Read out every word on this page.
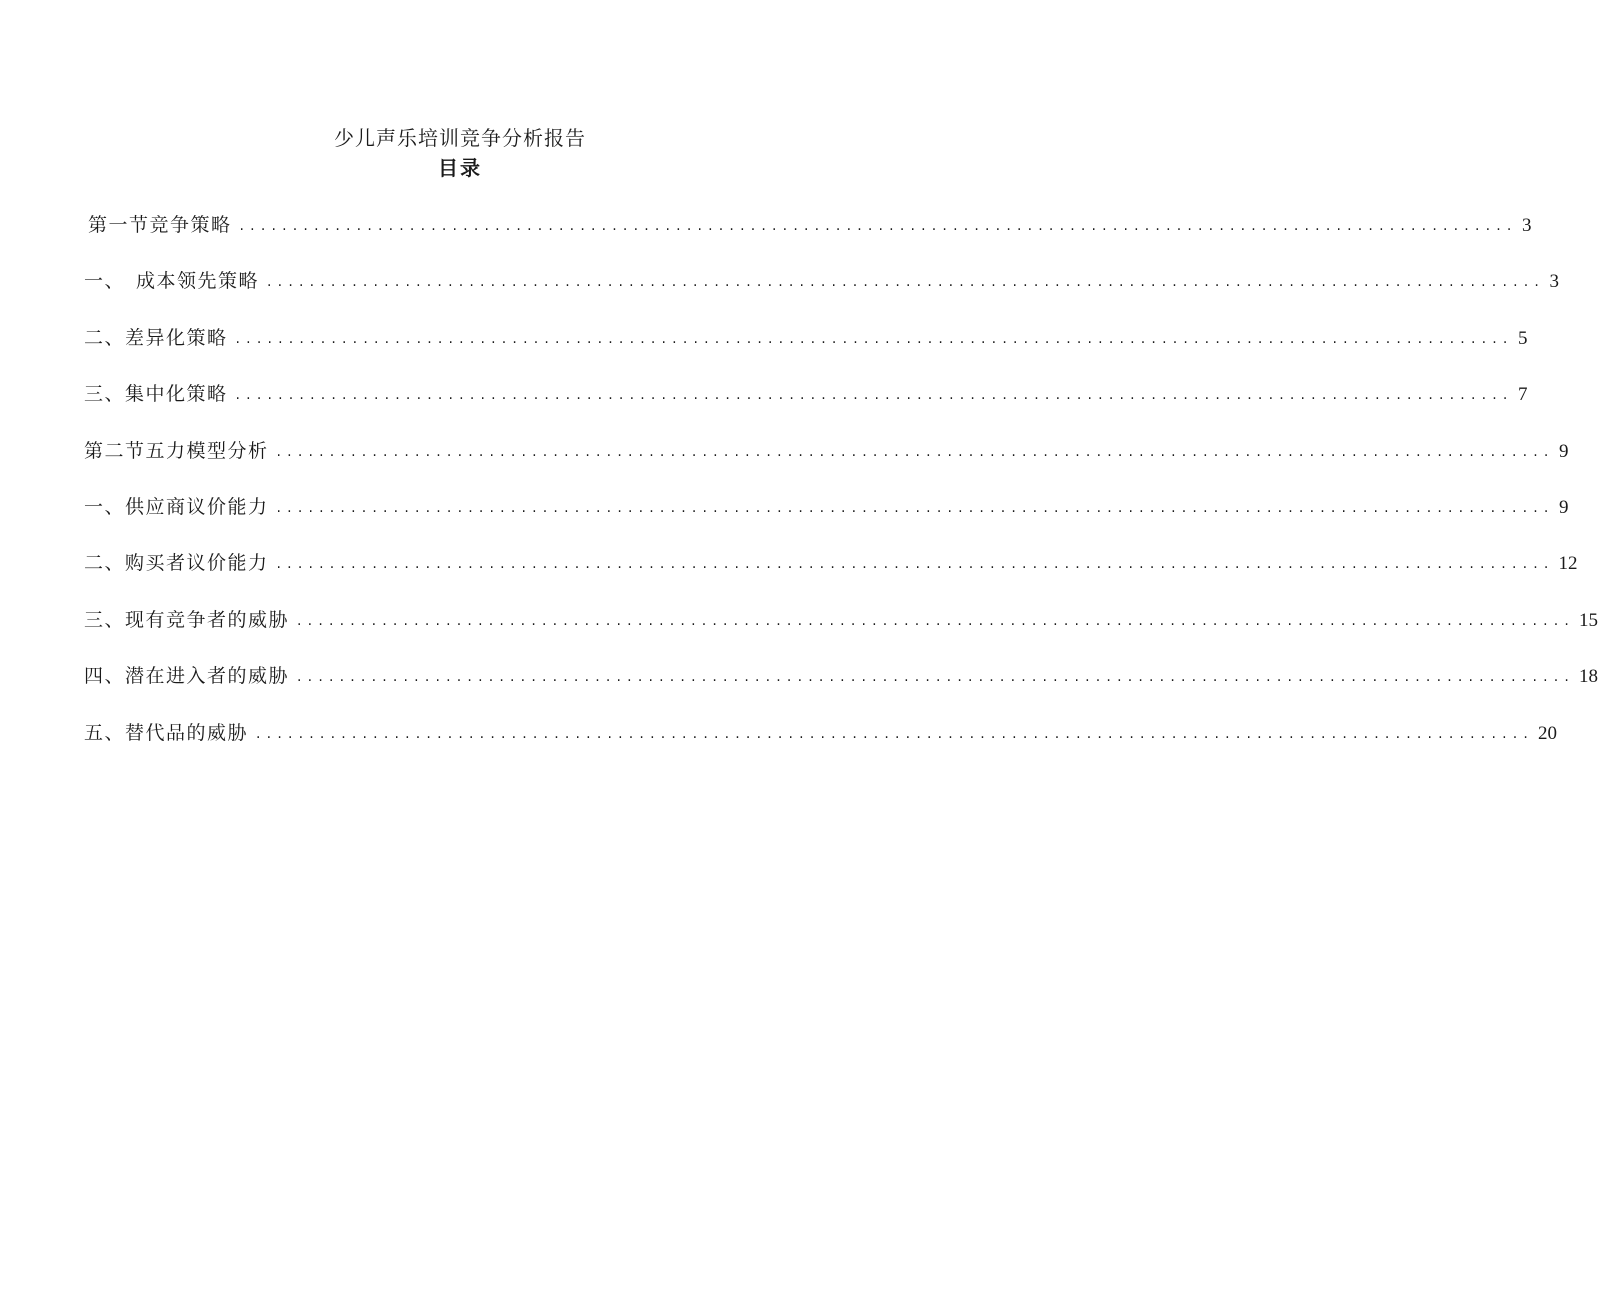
少儿声乐培训竞争分析报告
目录
第一节竞争策略 ........................................................................................................................ 3
一、　成本领先策略 ........................................................................................................................ 3
二、差异化策略 ........................................................................................................................ 5
三、集中化策略 ........................................................................................................................ 7
第二节五力模型分析 ........................................................................................................................ 9
一、供应商议价能力 ........................................................................................................................ 9
二、购买者议价能力 ........................................................................................................................ 12
三、现有竞争者的威胁 ........................................................................................................................ 15
四、潜在进入者的威胁 ........................................................................................................................ 18
五、替代品的威胁 ........................................................................................................................ 20
